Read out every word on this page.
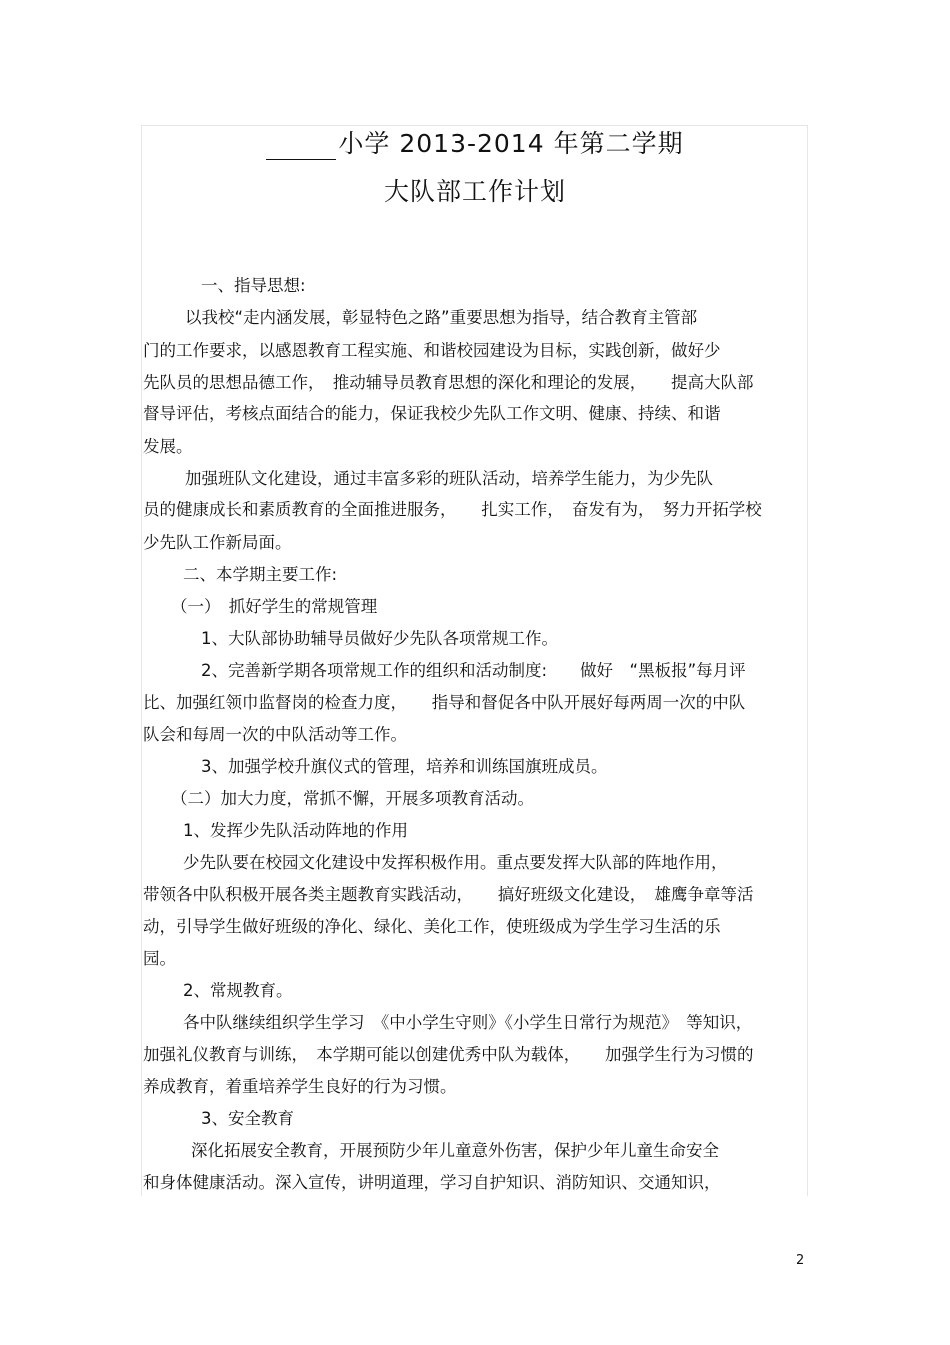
小学 2013-2014 年第二学期
大队部工作计划
一、指导思想:
以我校“走内涵发展，彰显特色之路”重要思想为指导，结合教育主管部
门的工作要求，以感恩教育工程实施、和谐校园建设为目标，实践创新，做好少
先队员的思想品德工作，　推动辅导员教育思想的深化和理论的发展，　　提高大队部
督导评估，考核点面结合的能力，保证我校少先队工作文明、健康、持续、和谐
发展。
加强班队文化建设，通过丰富多彩的班队活动，培养学生能力，为少先队
员的健康成长和素质教育的全面推进服务，　　扎实工作，　奋发有为，　努力开拓学校
少先队工作新局面。
二、本学期主要工作:
（一）　抓好学生的常规管理
1、大队部协助辅导员做好少先队各项常规工作。
2、完善新学期各项常规工作的组织和活动制度:　　做好　“黑板报”每月评
比、加强红领巾监督岗的检查力度，　　指导和督促各中队开展好每两周一次的中队
队会和每周一次的中队活动等工作。
3、加强学校升旗仪式的管理，培养和训练国旗班成员。
（二）加大力度，常抓不懈，开展多项教育活动。
1、发挥少先队活动阵地的作用
少先队要在校园文化建设中发挥积极作用。重点要发挥大队部的阵地作用，
带领各中队积极开展各类主题教育实践活动，　　搞好班级文化建设，　雄鹰争章等活
动，引导学生做好班级的净化、绿化、美化工作，使班级成为学生学习生活的乐
园。
2、常规教育。
各中队继续组织学生学习　《中小学生守则》《小学生日常行为规范》　等知识，
加强礼仪教育与训练，　本学期可能以创建优秀中队为载体，　　加强学生行为习惯的
养成教育，着重培养学生良好的行为习惯。
3、安全教育
深化拓展安全教育，开展预防少年儿童意外伤害，保护少年儿童生命安全
和身体健康活动。深入宣传，讲明道理，学习自护知识、消防知识、交通知识，
2
